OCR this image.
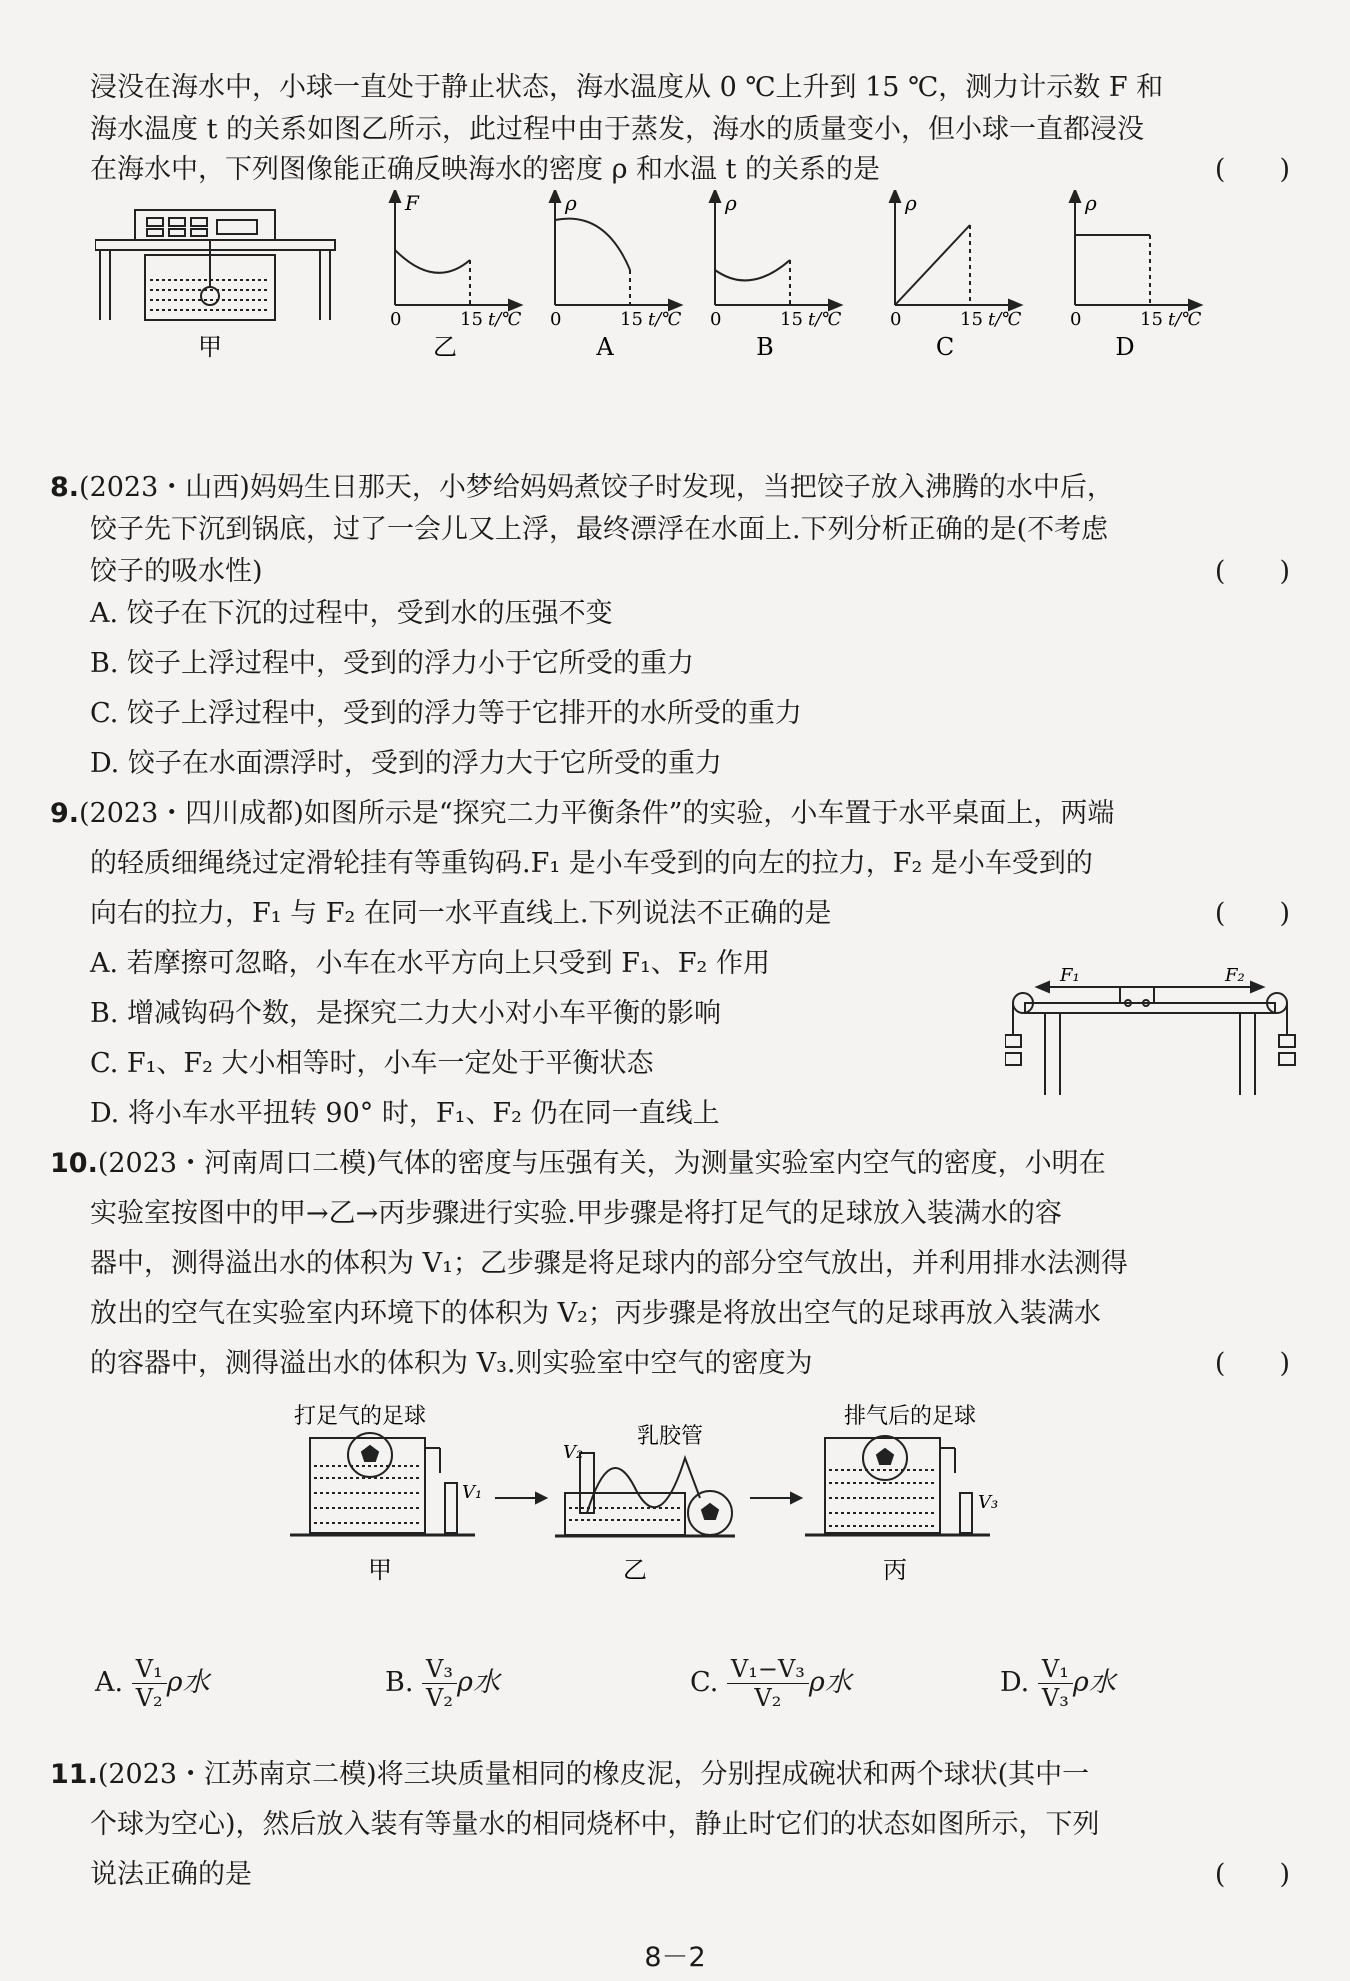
浸没在海水中，小球一直处于静止状态，海水温度从 0 ℃上升到 15 ℃，测力计示数 F 和
海水温度 t 的关系如图乙所示，此过程中由于蒸发，海水的质量变小，但小球一直都浸没
在海水中，下列图像能正确反映海水的密度 ρ 和水温 t 的关系的是	(　　)
甲
F
0	15 t/℃
乙
ρ
0	15 t/℃
A
ρ
0	15 t/℃
B
ρ
0	15 t/℃
C
ρ
0	15 t/℃
D
8.(2023・山西)妈妈生日那天，小梦给妈妈煮饺子时发现，当把饺子放入沸腾的水中后，
饺子先下沉到锅底，过了一会儿又上浮，最终漂浮在水面上.下列分析正确的是(不考虑
饺子的吸水性)	(　　)
A. 饺子在下沉的过程中，受到水的压强不变
B. 饺子上浮过程中，受到的浮力小于它所受的重力
C. 饺子上浮过程中，受到的浮力等于它排开的水所受的重力
D. 饺子在水面漂浮时，受到的浮力大于它所受的重力
9.(2023・四川成都)如图所示是“探究二力平衡条件”的实验，小车置于水平桌面上，两端
的轻质细绳绕过定滑轮挂有等重钩码.F₁ 是小车受到的向左的拉力，F₂ 是小车受到的
向右的拉力，F₁ 与 F₂ 在同一水平直线上.下列说法不正确的是	(　　)
A. 若摩擦可忽略，小车在水平方向上只受到 F₁、F₂ 作用
B. 增减钩码个数，是探究二力大小对小车平衡的影响
C. F₁、F₂ 大小相等时，小车一定处于平衡状态
D. 将小车水平扭转 90° 时，F₁、F₂ 仍在同一直线上
F₁	F₂
10.(2023・河南周口二模)气体的密度与压强有关，为测量实验室内空气的密度，小明在
实验室按图中的甲→乙→丙步骤进行实验.甲步骤是将打足气的足球放入装满水的容
器中，测得溢出水的体积为 V₁；乙步骤是将足球内的部分空气放出，并利用排水法测得
放出的空气在实验室内环境下的体积为 V₂；丙步骤是将放出空气的足球再放入装满水
的容器中，测得溢出水的体积为 V₃.则实验室中空气的密度为	(　　)
打足气的足球
乳胶管
排气后的足球
V₁
V₂
V₃
甲	乙	丙
A. $\frac{\text{V₁}}{\text{V₂}}$ ρ水	B. $\frac{\text{V₃}}{\text{V₂}}$ ρ水	C. $\frac{\text{V₁−V₃}}{\text{V₂}}$ ρ水	D. $\frac{\text{V₁}}{\text{V₃}}$ ρ水
11.(2023・江苏南京二模)将三块质量相同的橡皮泥，分别捏成碗状和两个球状(其中一
个球为空心)，然后放入装有等量水的相同烧杯中，静止时它们的状态如图所示，下列
说法正确的是	(　　)
8－2
